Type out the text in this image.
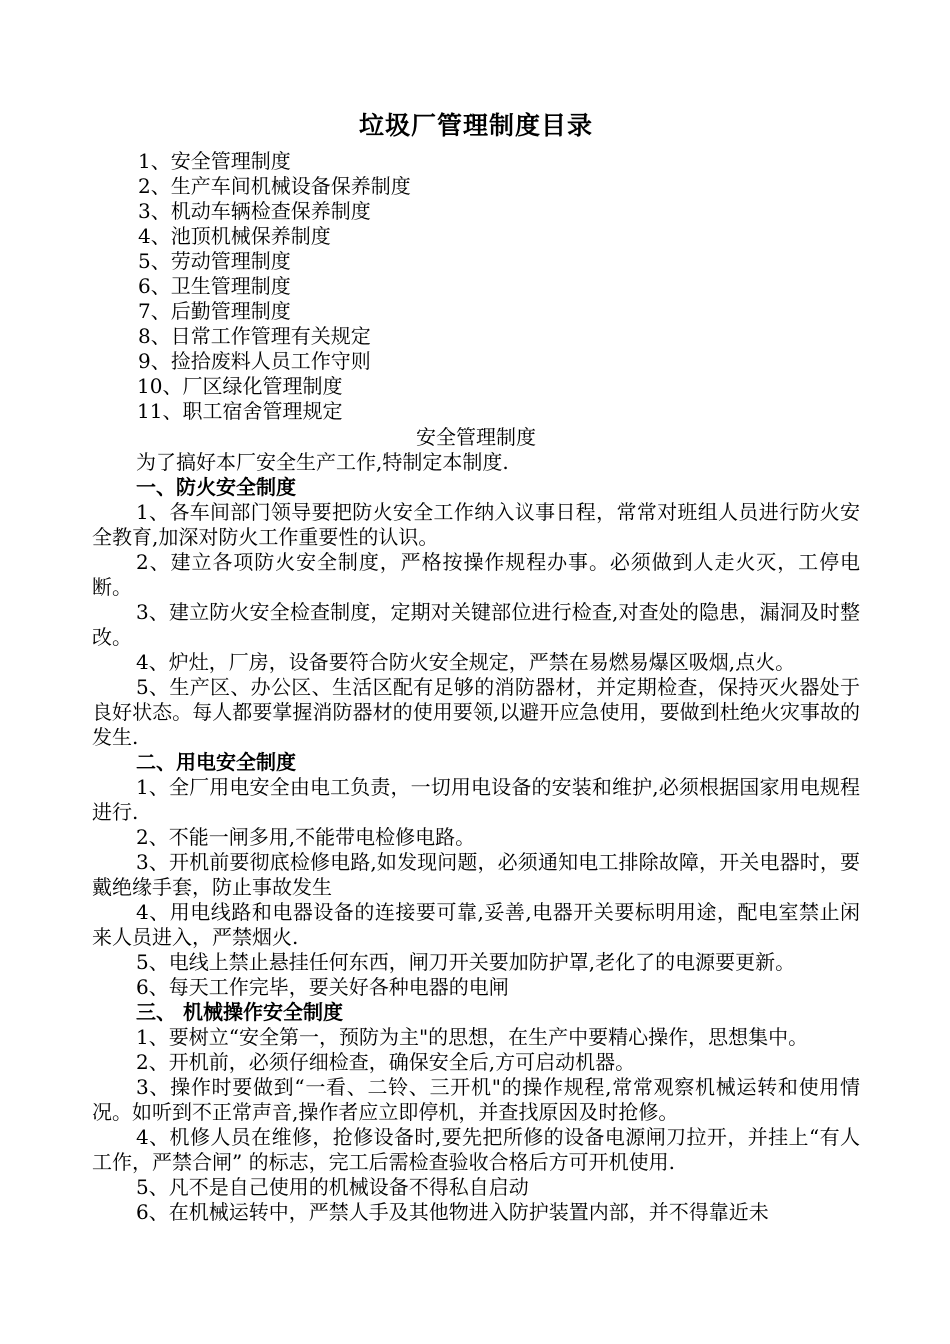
垃圾厂管理制度目录
1、安全管理制度
2、生产车间机械设备保养制度
3、机动车辆检查保养制度
4、池顶机械保养制度
5、劳动管理制度
6、卫生管理制度
7、后勤管理制度
8、日常工作管理有关规定
9、捡拾废料人员工作守则
10、厂区绿化管理制度
11、职工宿舍管理规定
安全管理制度

为了搞好本厂安全生产工作,特制定本制度.

一、防火安全制度

1、各车间部门领导要把防火安全工作纳入议事日程，常常对班组人员进行防火安全教育,加深对防火工作重要性的认识。

2、建立各项防火安全制度，严格按操作规程办事。必须做到人走火灭，工停电断。

3、建立防火安全检查制度，定期对关键部位进行检查,对查处的隐患，漏洞及时整改。

4、炉灶，厂房，设备要符合防火安全规定，严禁在易燃易爆区吸烟,点火。

5、生产区、办公区、生活区配有足够的消防器材，并定期检查，保持灭火器处于良好状态。每人都要掌握消防器材的使用要领,以避开应急使用，要做到杜绝火灾事故的发生.

二、用电安全制度

1、全厂用电安全由电工负责，一切用电设备的安装和维护,必须根据国家用电规程进行.

2、不能一闸多用,不能带电检修电路。

3、开机前要彻底检修电路,如发现问题，必须通知电工排除故障，开关电器时，要戴绝缘手套，防止事故发生

4、用电线路和电器设备的连接要可靠,妥善,电器开关要标明用途，配电室禁止闲来人员进入，严禁烟火.

5、电线上禁止悬挂任何东西，闸刀开关要加防护罩,老化了的电源要更新。

6、每天工作完毕，要关好各种电器的电闸

三、 机械操作安全制度

1、要树立“安全第一，预防为主"的思想，在生产中要精心操作，思想集中。

2、开机前，必须仔细检查，确保安全后,方可启动机器。

3、操作时要做到“一看、二铃、三开机"的操作规程,常常观察机械运转和使用情况。如听到不正常声音,操作者应立即停机，并查找原因及时抢修。

4、机修人员在维修，抢修设备时,要先把所修的设备电源闸刀拉开，并挂上“有人工作，严禁合闸” 的标志，完工后需检查验收合格后方可开机使用.

5、凡不是自己使用的机械设备不得私自启动

6、在机械运转中，严禁人手及其他物进入防护装置内部，并不得靠近未
